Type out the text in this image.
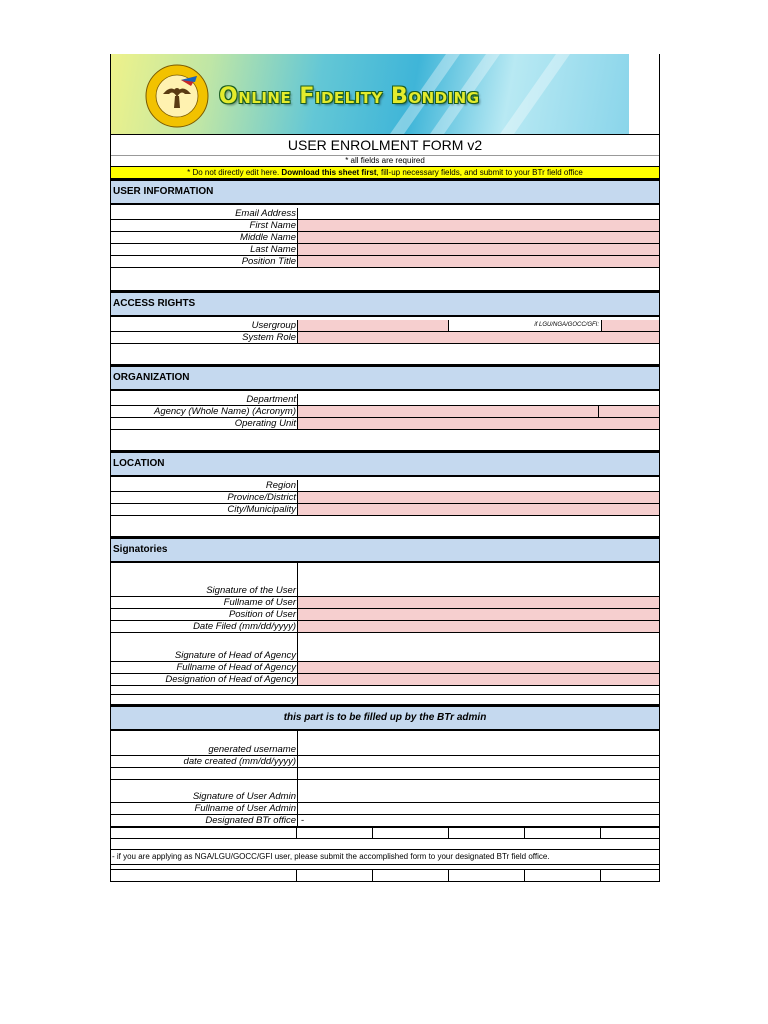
Online Fidelity Bonding
USER ENROLMENT FORM v2
* all fields are required
* Do not directly edit here. Download this sheet first, fill-up necessary fields, and submit to your BTr field office
USER INFORMATION
Email Address
First Name
Middle Name
Last Name
Position Title
ACCESS RIGHTS
Usergroup	if LGU/NGA/GOCC/GFI:
System Role
ORGANIZATION
Department
Agency (Whole Name) (Acronym)
Operating Unit
LOCATION
Region
Province/District
City/Municipality
Signatories
Signature of the User
Fullname of User
Position of User
Date Filed (mm/dd/yyyy)
Signature of Head of Agency
Fullname of Head of Agency
Designation of Head of Agency
this part is to be filled up by the BTr admin
generated username
date created (mm/dd/yyyy)
Signature of User Admin
Fullname of User Admin
Designated BTr office -
- if you are applying as NGA/LGU/GOCC/GFI user, please submit the accomplished form to your designated BTr field office.
